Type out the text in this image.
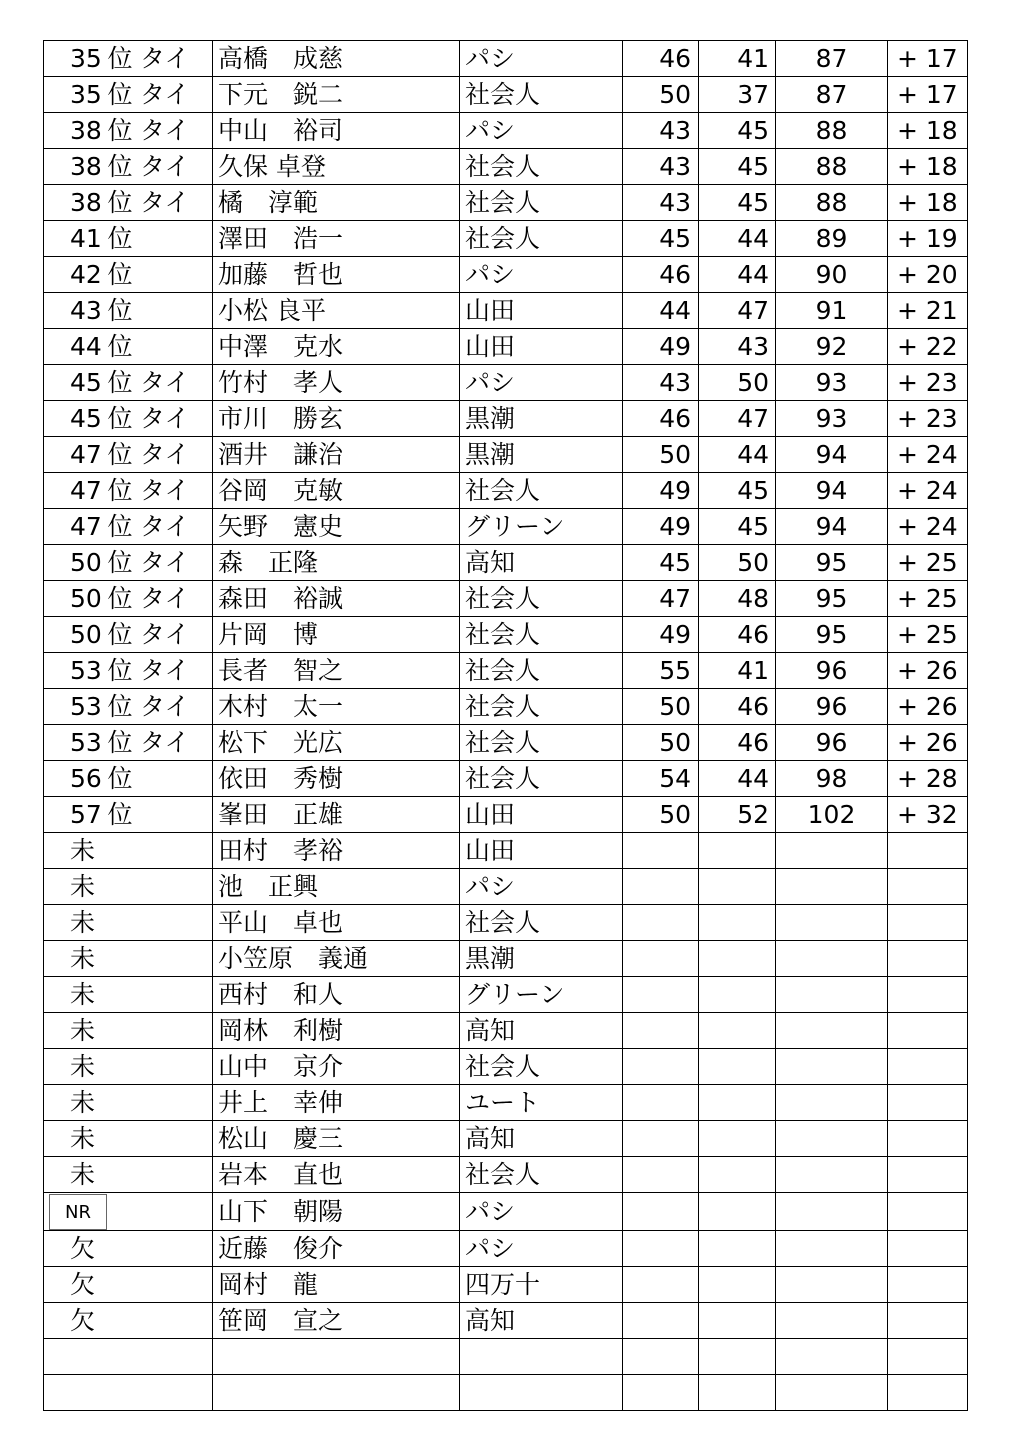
35 位 タイ	高橋　成慈	パシ	46	41	87	+ 17
35 位 タイ	下元　鋭二	社会人	50	37	87	+ 17
38 位 タイ	中山　裕司	パシ	43	45	88	+ 18
38 位 タイ	久保 卓登	社会人	43	45	88	+ 18
38 位 タイ	橘　淳範	社会人	43	45	88	+ 18
41 位	澤田　浩一	社会人	45	44	89	+ 19
42 位	加藤　哲也	パシ	46	44	90	+ 20
43 位	小松 良平	山田	44	47	91	+ 21
44 位	中澤　克水	山田	49	43	92	+ 22
45 位 タイ	竹村　孝人	パシ	43	50	93	+ 23
45 位 タイ	市川　勝玄	黒潮	46	47	93	+ 23
47 位 タイ	酒井　謙治	黒潮	50	44	94	+ 24
47 位 タイ	谷岡　克敏	社会人	49	45	94	+ 24
47 位 タイ	矢野　憲史	グリーン	49	45	94	+ 24
50 位 タイ	森　正隆	高知	45	50	95	+ 25
50 位 タイ	森田　裕誠	社会人	47	48	95	+ 25
50 位 タイ	片岡　博	社会人	49	46	95	+ 25
53 位 タイ	長者　智之	社会人	55	41	96	+ 26
53 位 タイ	木村　太一	社会人	50	46	96	+ 26
53 位 タイ	松下　光広	社会人	50	46	96	+ 26
56 位	依田　秀樹	社会人	54	44	98	+ 28
57 位	峯田　正雄	山田	50	52	102	+ 32
未	田村　孝裕	山田				
未	池　正興	パシ				
未	平山　卓也	社会人				
未	小笠原　義通	黒潮				
未	西村　和人	グリーン				
未	岡林　利樹	高知				
未	山中　京介	社会人				
未	井上　幸伸	ユート				
未	松山　慶三	高知				
未	岩本　直也	社会人				
NR	山下　朝陽	パシ				
欠	近藤　俊介	パシ				
欠	岡村　龍	四万十				
欠	笹岡　宣之	高知				
